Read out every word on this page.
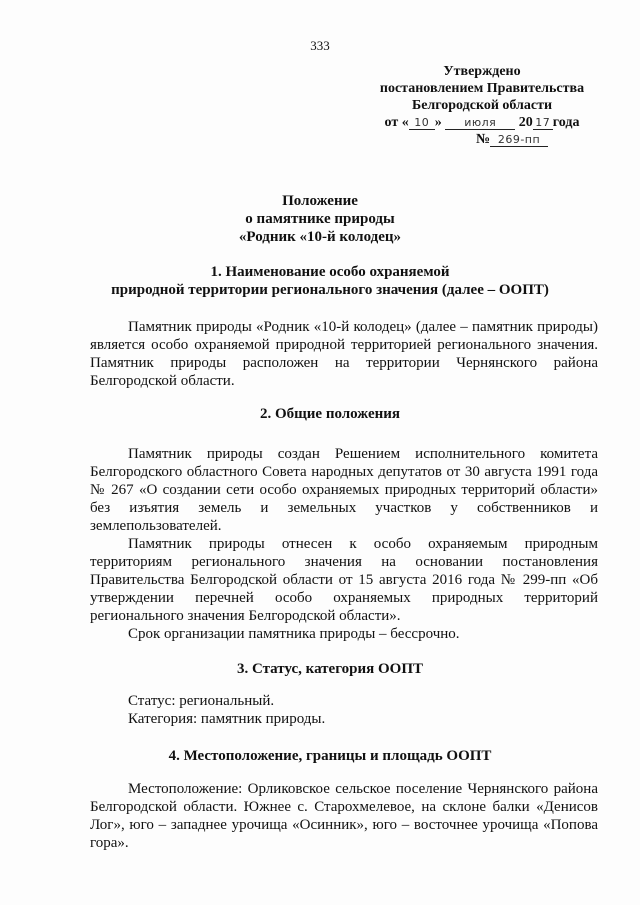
333
Утверждено
постановлением Правительства
Белгородской области
от « 10 » июля 20 17 года
№ 269-пп
Положение
о памятнике природы
«Родник «10-й колодец»
1. Наименование особо охраняемой
природной территории регионального значения (далее – ООПТ)
Памятник природы «Родник «10-й колодец» (далее – памятник природы) является особо охраняемой природной территорией регионального значения. Памятник природы расположен на территории Чернянского района Белгородской области.
2. Общие положения
Памятник природы создан Решением исполнительного комитета Белгородского областного Совета народных депутатов от 30 августа 1991 года № 267 «О создании сети особо охраняемых природных территорий области» без изъятия земель и земельных участков у собственников и землепользователей.
Памятник природы отнесен к особо охраняемым природным территориям регионального значения на основании постановления Правительства Белгородской области от 15 августа 2016 года № 299-пп «Об утверждении перечней особо охраняемых природных территорий регионального значения Белгородской области».
Срок организации памятника природы – бессрочно.
3. Статус, категория ООПТ
Статус: региональный.
Категория: памятник природы.
4. Местоположение, границы и площадь ООПТ
Местоположение: Орликовское сельское поселение Чернянского района Белгородской области. Южнее с. Старохмелевое, на склоне балки «Денисов Лог», юго – западнее урочища «Осинник», юго – восточнее урочища «Попова гора».
